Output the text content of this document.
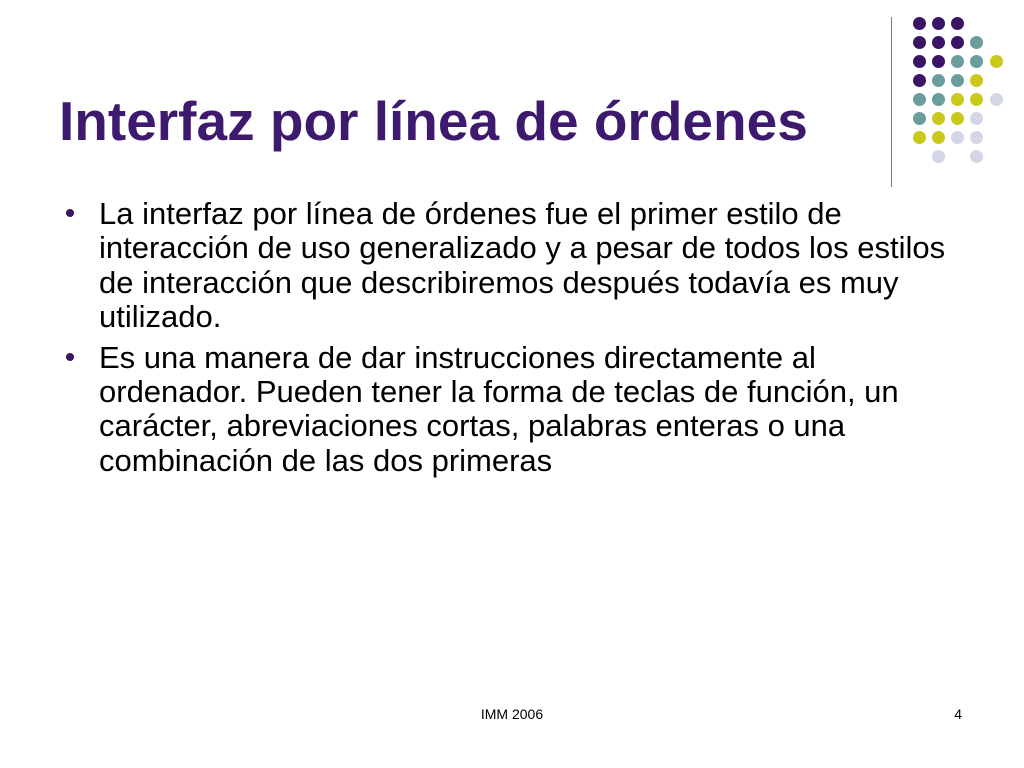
Interfaz por línea de órdenes
La interfaz por línea de órdenes fue el primer estilo de interacción de uso generalizado y a pesar de todos los estilos de interacción que describiremos después todavía es muy utilizado.
Es una manera de dar instrucciones directamente al ordenador. Pueden tener la forma de teclas de función, un carácter, abreviaciones cortas, palabras enteras o una combinación de las dos primeras
IMM 2006	4
